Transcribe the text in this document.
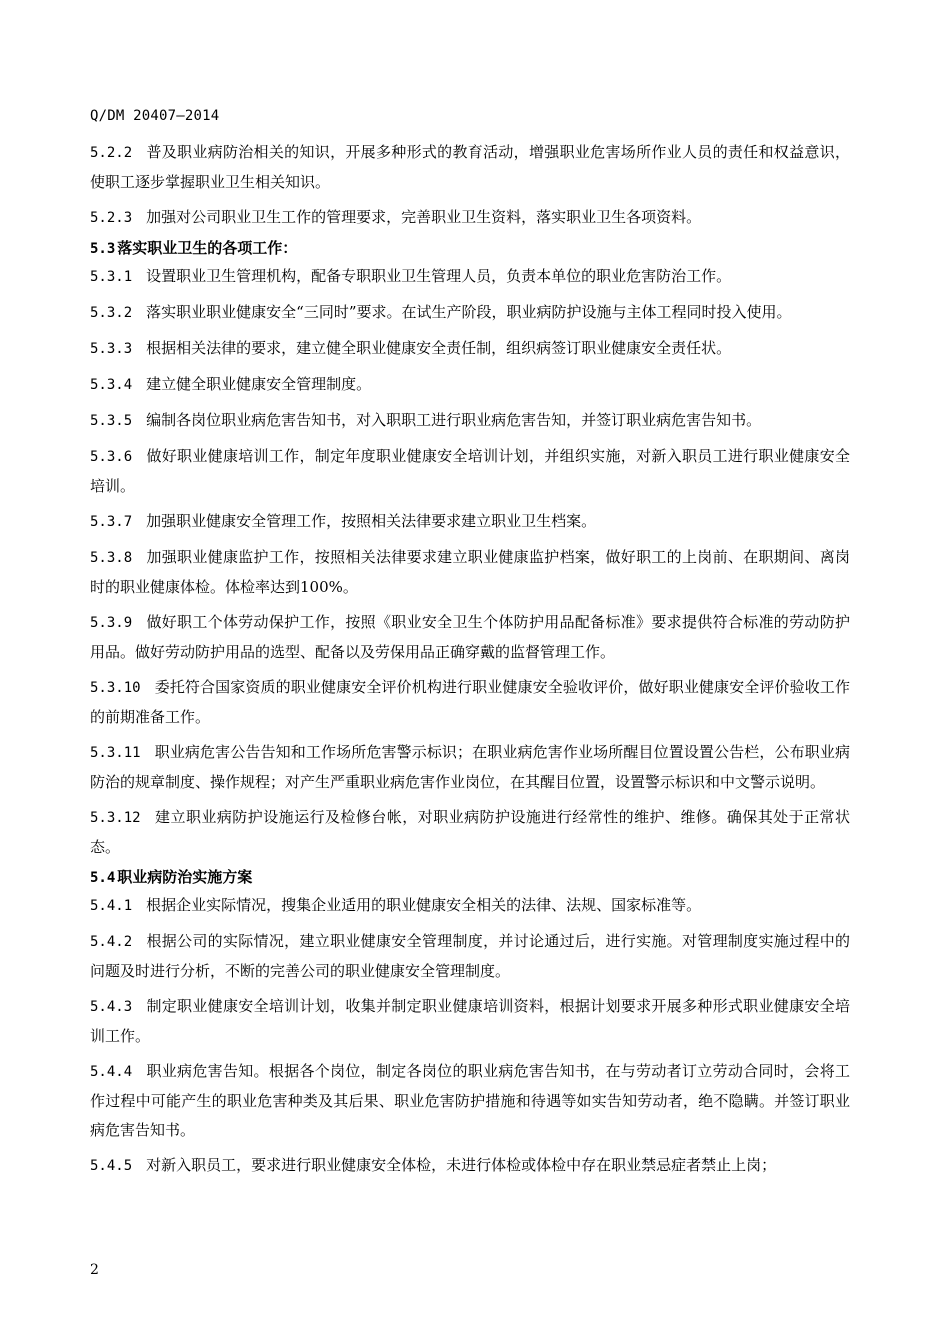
Q/DM 20407—2014
5.2.2 普及职业病防治相关的知识，开展多种形式的教育活动，增强职业危害场所作业人员的责任和权益意识，使职工逐步掌握职业卫生相关知识。
5.2.3 加强对公司职业卫生工作的管理要求，完善职业卫生资料，落实职业卫生各项资料。
5.3 落实职业卫生的各项工作：
5.3.1 设置职业卫生管理机构，配备专职职业卫生管理人员，负责本单位的职业危害防治工作。
5.3.2 落实职业职业健康安全“三同时”要求。在试生产阶段，职业病防护设施与主体工程同时投入使用。
5.3.3 根据相关法律的要求，建立健全职业健康安全责任制，组织病签订职业健康安全责任状。
5.3.4 建立健全职业健康安全管理制度。
5.3.5 编制各岗位职业病危害告知书，对入职职工进行职业病危害告知，并签订职业病危害告知书。
5.3.6 做好职业健康培训工作，制定年度职业健康安全培训计划，并组织实施，对新入职员工进行职业健康安全培训。
5.3.7 加强职业健康安全管理工作，按照相关法律要求建立职业卫生档案。
5.3.8 加强职业健康监护工作，按照相关法律要求建立职业健康监护档案，做好职工的上岗前、在职期间、离岗时的职业健康体检。体检率达到100%。
5.3.9 做好职工个体劳动保护工作，按照《职业安全卫生个体防护用品配备标准》要求提供符合标准的劳动防护用品。做好劳动防护用品的选型、配备以及劳保用品正确穿戴的监督管理工作。
5.3.10 委托符合国家资质的职业健康安全评价机构进行职业健康安全验收评价，做好职业健康安全评价验收工作的前期准备工作。
5.3.11 职业病危害公告告知和工作场所危害警示标识；在职业病危害作业场所醒目位置设置公告栏，公布职业病防治的规章制度、操作规程；对产生严重职业病危害作业岗位，在其醒目位置，设置警示标识和中文警示说明。
5.3.12 建立职业病防护设施运行及检修台帐，对职业病防护设施进行经常性的维护、维修。确保其处于正常状态。
5.4 职业病防治实施方案
5.4.1 根据企业实际情况，搜集企业适用的职业健康安全相关的法律、法规、国家标准等。
5.4.2 根据公司的实际情况，建立职业健康安全管理制度，并讨论通过后，进行实施。对管理制度实施过程中的问题及时进行分析，不断的完善公司的职业健康安全管理制度。
5.4.3 制定职业健康安全培训计划，收集并制定职业健康培训资料，根据计划要求开展多种形式职业健康安全培训工作。
5.4.4 职业病危害告知。根据各个岗位，制定各岗位的职业病危害告知书，在与劳动者订立劳动合同时，会将工作过程中可能产生的职业危害种类及其后果、职业危害防护措施和待遇等如实告知劳动者，绝不隐瞒。并签订职业病危害告知书。
5.4.5 对新入职员工，要求进行职业健康安全体检，未进行体检或体检中存在职业禁忌症者禁止上岗；
2
